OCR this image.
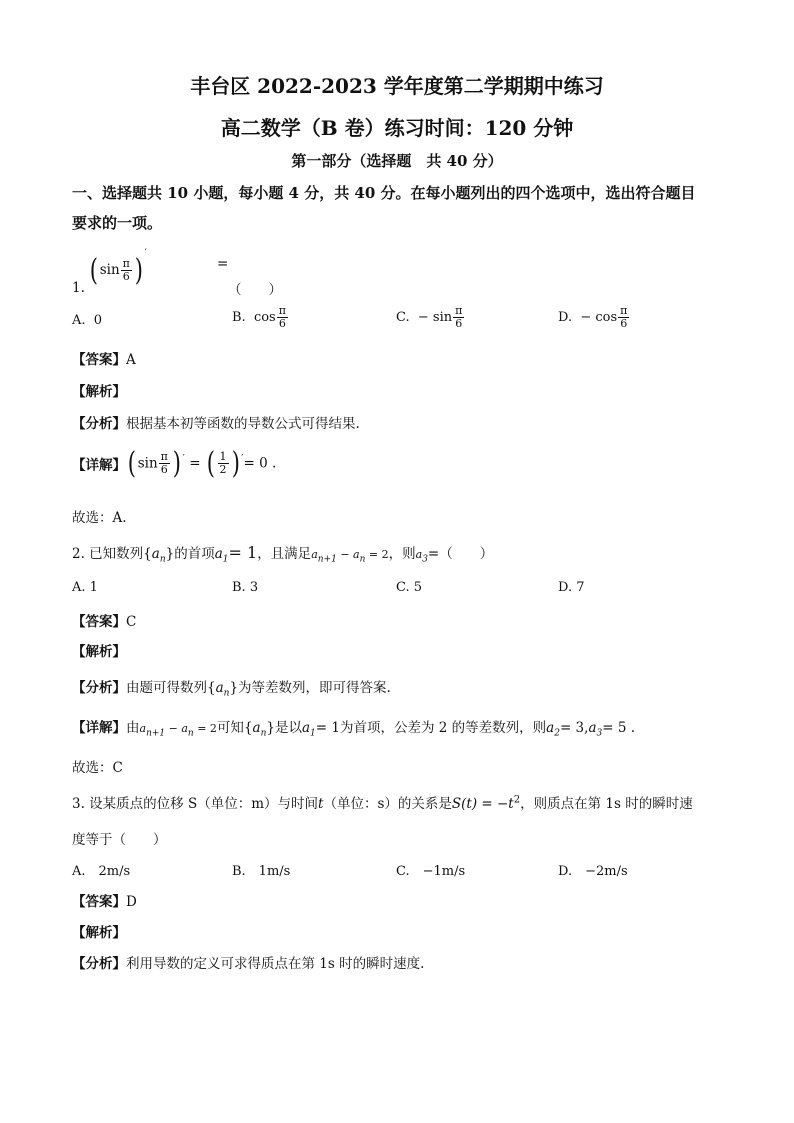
丰台区 2022-2023 学年度第二学期期中练习
高二数学（B 卷）练习时间：120 分钟
第一部分（选择题　共 40 分）
一、选择题共 10 小题，每小题 4 分，共 40 分。在每小题列出的四个选项中，选出符合题目
要求的一项。
1. ( $\sin \frac{\pi}{6}$ ) ′
=
（　　）
A. 0	B. $\cos \frac{\pi}{6}$	C. − $\sin \frac{\pi}{6}$	D. − $\cos \frac{\pi}{6}$
【答案】A
【解析】
【分析】根据基本初等函数的导数公式可得结果.
【详解】( $\sin \frac{\pi}{6}$ ) ′ = ( $\frac{1}{2}$ ) ′= 0 .
故选：A.
2. 已知数列$\{a_n\}$的首项$a_1= 1$，且满足$a_{n+1} - a_n = 2$，则$a_3=$（　　）
A. 1	B. 3	C. 5	D. 7
【答案】C
【解析】
【分析】由题可得数列$\{a_n\}$为等差数列，即可得答案.
【详解】由$a_{n+1} - a_n = 2$可知$\{a_n\}$是以$a_1= 1$为首项，公差为 2 的等差数列，则$a_2= 3,a_3= 5$ .
故选：C
3. 设某质点的位移 S（单位：m）与时间t（单位：s）的关系是$S(t) = -t^2$，则质点在第 1s 时的瞬时速
度等于（　　）
A.　2m/s	B.　1m/s	C.　−1m/s	D.　−2m/s
【答案】D
【解析】
【分析】利用导数的定义可求得质点在第 1s 时的瞬时速度.
